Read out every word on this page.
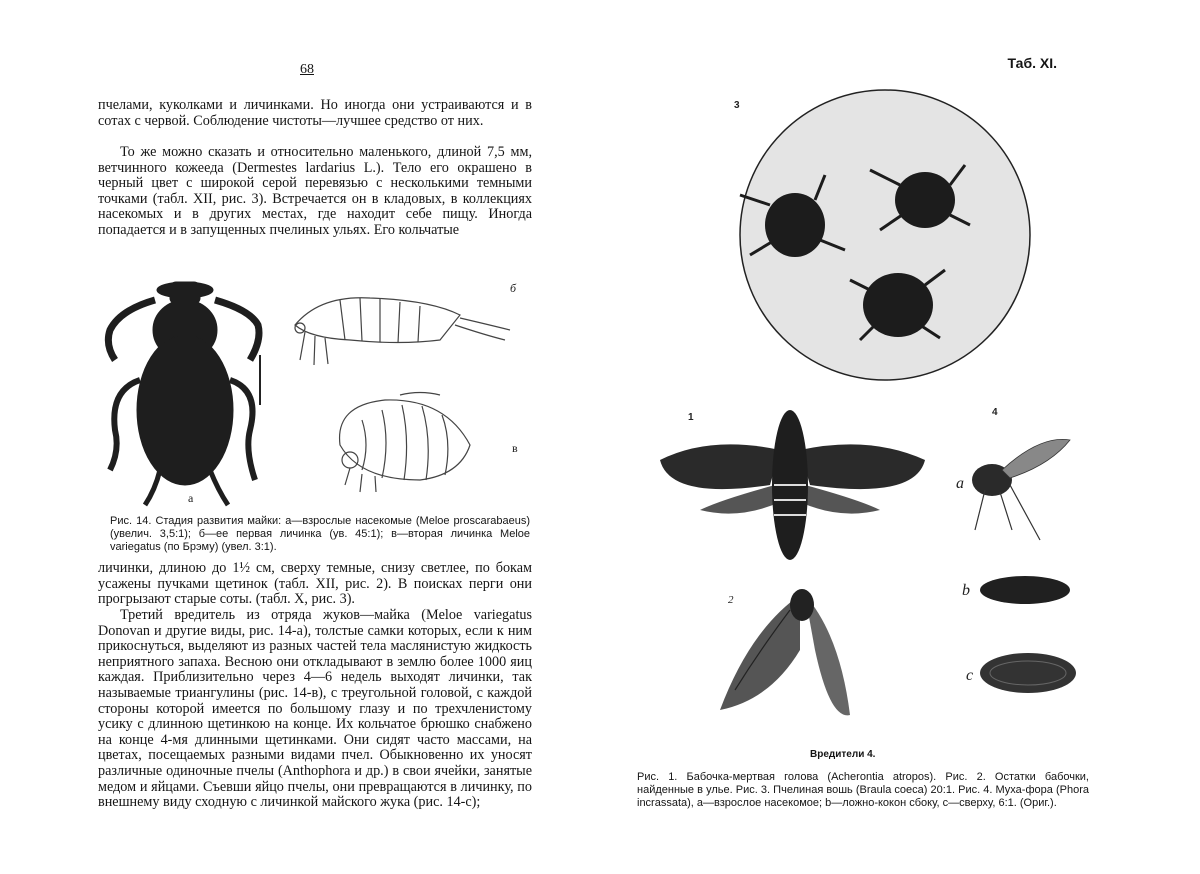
68

пчелами, куколками и личинками. Но иногда они устраиваются и в сотах с червой. Соблюдение чистоты—лучшее средство от них.

То же можно сказать и относительно маленького, длиной 7,5 мм, ветчинного кожееда (Dermestes lardarius L.). Тело его окрашено в черный цвет с широкой серой перевязью с несколькими темными точками (табл. XII, рис. 3). Встречается он в кладовых, в коллекциях насекомых и в других местах, где находит себе пищу. Иногда попадается и в запущенных пчелиных ульях. Его кольчатые

а
б
в

Рис. 14. Стадия развития майки: а—взрослые насекомые (Meloe proscarabaeus) (увелич. 3,5:1); б—ее первая личинка (ув. 45:1); в—вторая личинка Meloe variegatus (по Брэму) (увел. 3:1).

личинки, длиною до 1½ см, сверху темные, снизу светлее, по бокам усажены пучками щетинок (табл. XII, рис. 2). В поисках перги они прогрызают старые соты. (табл. X, рис. 3).

Третий вредитель из отряда жуков—майка (Meloe variegatus Donovan и другие виды, рис. 14-а), толстые самки которых, если к ним прикоснуться, выделяют из разных частей тела маслянистую жидкость неприятного запаха. Весною они откладывают в землю более 1000 яиц каждая. Приблизительно через 4—6 недель выходят личинки, так называемые триангулины (рис. 14-в), с треугольной головой, с каждой стороны которой имеется по большому глазу и по трехчленистому усику с длинною щетинкою на конце. Их кольчатое брюшко снабжено на конце 4-мя длинными щетинками. Они сидят часто массами, на цветах, посещаемых разными видами пчел. Обыкновенно их уносят различные одиночные пчелы (Anthophora и др.) в свои ячейки, занятые медом и яйцами. Съевши яйцо пчелы, они превращаются в личинку, по внешнему виду сходную с личинкой майского жука (рис. 14-с);

Таб. XI.
3
1
2
4
a
b
c
Вредители 4.

Рис. 1. Бабочка-мертвая голова (Acherontia atropos). Рис. 2. Остатки бабочки, найденные в улье. Рис. 3. Пчелиная вошь (Braula coeca) 20:1. Рис. 4. Муха-фора (Phora incrassata), а—взрослое насекомое; b—ложно-кокон сбоку, с—сверху, 6:1. (Ориг.).
